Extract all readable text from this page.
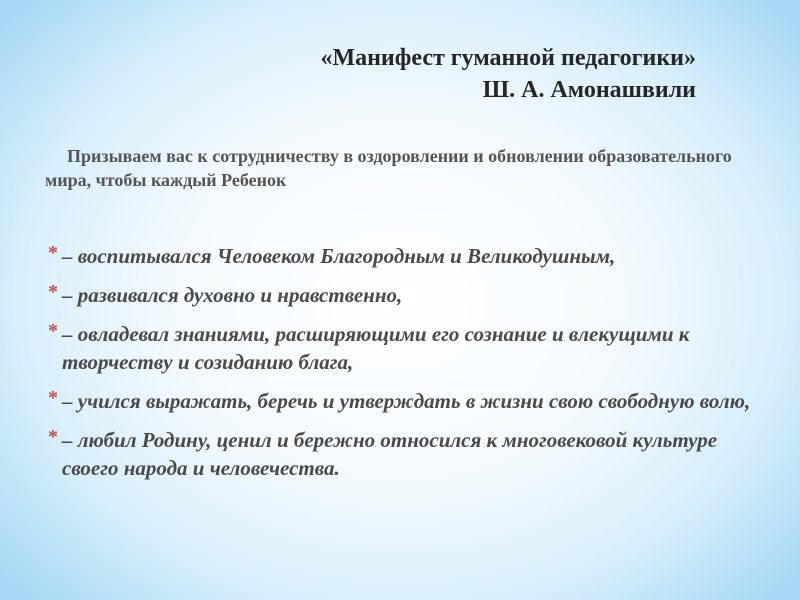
«Манифест гуманной педагогики»
Ш. А. Амонашвили
Призываем вас к сотрудничеству в оздоровлении и обновлении образовательного мира, чтобы каждый Ребенок
* – воспитывался Человеком Благородным и Великодушным,
* – развивался духовно и нравственно,
* – овладевал знаниями, расширяющими его сознание и влекущими к творчеству и созиданию блага,
* – учился выражать, беречь и утверждать в жизни свою свободную волю,
* – любил Родину, ценил и бережно относился к многовековой культуре своего народа и человечества.
